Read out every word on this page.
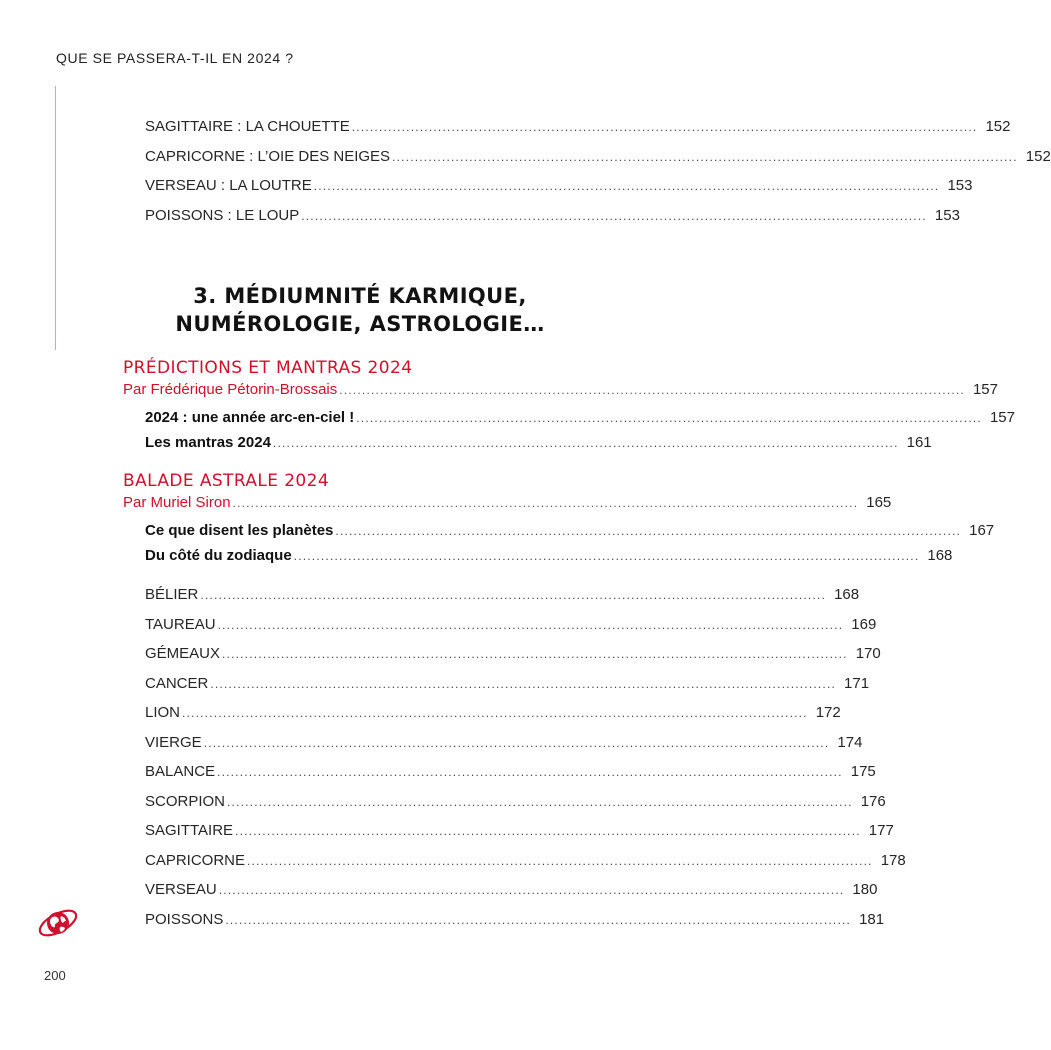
QUE SE PASSERA-T-IL EN 2024 ?
SAGITTAIRE : LA CHOUETTE .......................................................................................................................................... 152
CAPRICORNE : L’OIE DES NEIGES .......................................................................................................................................... 152
VERSEAU : LA LOUTRE .......................................................................................................................................... 153
POISSONS : LE LOUP .......................................................................................................................................... 153
3. MÉDIUMNITÉ KARMIQUE,
NUMÉROLOGIE, ASTROLOGIE…
PRÉDICTIONS ET MANTRAS 2024
Par Frédérique Pétorin-Brossais .......................................................................................................................................... 157
2024 : une année arc-en-ciel ! .......................................................................................................................................... 157
Les mantras 2024 .......................................................................................................................................... 161
BALADE ASTRALE 2024
Par Muriel Siron .......................................................................................................................................... 165
Ce que disent les planètes .......................................................................................................................................... 167
Du côté du zodiaque .......................................................................................................................................... 168
BÉLIER .......................................................................................................................................... 168
TAUREAU .......................................................................................................................................... 169
GÉMEAUX .......................................................................................................................................... 170
CANCER .......................................................................................................................................... 171
LION .......................................................................................................................................... 172
VIERGE .......................................................................................................................................... 174
BALANCE .......................................................................................................................................... 175
SCORPION .......................................................................................................................................... 176
SAGITTAIRE .......................................................................................................................................... 177
CAPRICORNE .......................................................................................................................................... 178
VERSEAU .......................................................................................................................................... 180
POISSONS .......................................................................................................................................... 181
200
